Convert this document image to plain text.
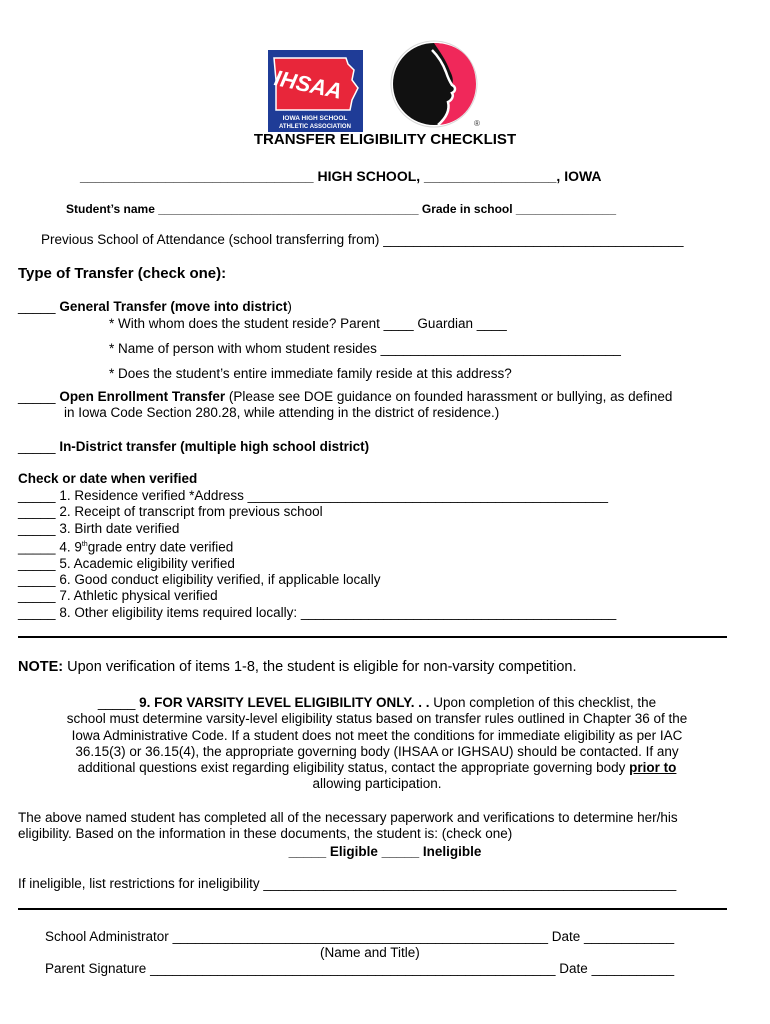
IHSAA
IOWA HIGH SCHOOL
ATHLETIC ASSOCIATION	®
TRANSFER ELIGIBILITY CHECKLIST
______________________________ HIGH SCHOOL, _________________, IOWA
Student’s name _______________________________________ Grade in school _______________
Previous School of Attendance (school transferring from) ________________________________________
Type of Transfer (check one):
_____ General Transfer (move into district)
* With whom does the student reside? Parent ____ Guardian ____
* Name of person with whom student resides ________________________________
* Does the student’s entire immediate family reside at this address?
_____ Open Enrollment Transfer (Please see DOE guidance on founded harassment or bullying, as defined
in Iowa Code Section 280.28, while attending in the district of residence.)
_____ In-District transfer (multiple high school district)
Check or date when verified
_____ 1. Residence verified *Address ________________________________________________
_____ 2. Receipt of transcript from previous school
_____ 3. Birth date verified
_____ 4. 9thgrade entry date verified
_____ 5. Academic eligibility verified
_____ 6. Good conduct eligibility verified, if applicable locally
_____ 7. Athletic physical verified
_____ 8. Other eligibility items required locally: __________________________________________
NOTE: Upon verification of items 1-8, the student is eligible for non-varsity competition.
_____ 9. FOR VARSITY LEVEL ELIGIBILITY ONLY. . . Upon completion of this checklist, the
school must determine varsity-level eligibility status based on transfer rules outlined in Chapter 36 of the
Iowa Administrative Code. If a student does not meet the conditions for immediate eligibility as per IAC
36.15(3) or 36.15(4), the appropriate governing body (IHSAA or IGHSAU) should be contacted. If any
additional questions exist regarding eligibility status, contact the appropriate governing body prior to
allowing participation.
The above named student has completed all of the necessary paperwork and verifications to determine her/his
eligibility. Based on the information in these documents, the student is: (check one)
_____ Eligible _____ Ineligible
If ineligible, list restrictions for ineligibility _______________________________________________________
School Administrator __________________________________________________ Date ____________
(Name and Title)
Parent Signature ______________________________________________________ Date ___________
